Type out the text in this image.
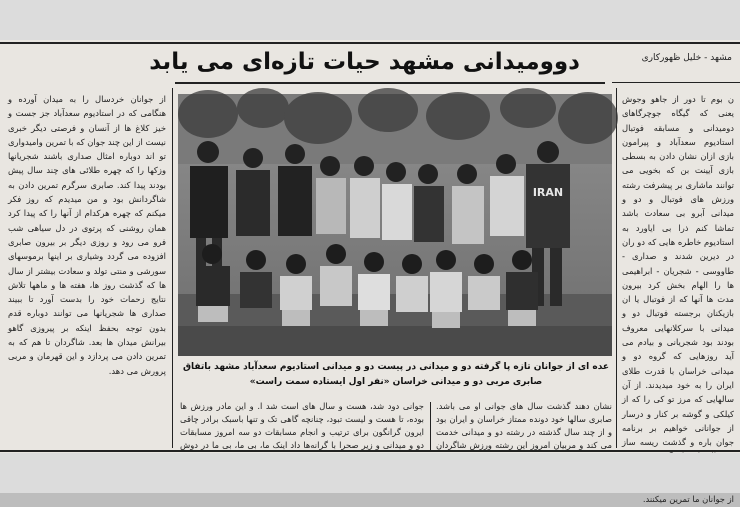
دوومیدانی مشهد حیات تازه‌ای می یابد	مشهد - خلیل ظهورکاری

از جوانان خردسال را به میدان آورده و هنگامی که در استادیوم سعدآباد جز جست و خیز کلاغ ها از آنسان و فرصتی دیگر خبری نیست از این چند جوان که با تمرین وامیدواری تو اند دوباره امثال صداری باشند شجریانها وزکها را که چهره طلائی های چند سال پیش بودند پیدا کند. صابری سرگرم تمرین دادن به شاگردانش بود و من میدیدم که روز فکر میکنم که چهره هرکدام از آنها را که پیدا کرد همان روشنی که پرتوی در دل سیاهی شب فرو می رود و روزی دیگر بر بیرون صابری افزوده می گردد وشیاری بر اینها برموسهای سورشی و منتی تولد و سعادت بیشتر از سال ها که گذشت روز ها، هفته ها و ماهها تلاش نتایج زحمات خود را بدست آورد تا ببیند صداری ها شجریانها می توانند دوباره قدم بدون توجه بحفظ اینکه بر پیروزی گاهو بیرانش میدان ها بعد. شاگردان تا هم که به تمرین دادن می پردازد و این قهرمان و مربی پرورش می دهد.

ن بوم تا دور از جاهو وجوش یعنی که گیگاه جوچرگاهای دومیدانی و مسابقه فوتبال استادیوم سعدآباد و پیرامون بازی ازان نشان دادن به بسطی بازی آیینت بن که بخویی می توانند ماشاری بر پیشرفت رشته ورزش های فوتبال و دو و میدانی آبرو بی سعادت باشد تماشا کنم ذرا بی ایاورد به استادیوم خاطره هایی که دو ران در دیرین شدند و صداری - طاووسی - شجریان - ابراهیمی ها را الهام بخش کرد بیرون مدت ها آنها که از فوتبال یا ان بازیکنان برجسته فوتبال دو و میدانی با سرکلانهایی معروف بودند بود شجریانی و بیادم می آید روزهایی که گروه دو و میدانی خراسان با قدرت طلای ایران را به خود میدیدند. از آن سالهایی که مرز تو کی را که از کیلکی و گوشه بر کنار و درسار از جوانانی خواهیم بر برنامه جوان باره و گذشت ریسه ساز از جوانان ما تمرین میکنند.

IRAN
عده ای از جوانان تازه پا گرفته دو و میدانی در پیست دو و میدانی استادیوم سعدآباد مشهد باتفاق
صابری مربی دو و میدانی خراسان «نفر اول ایستاده سمت راست»
جوانی دود شد، هست و سال های است شد ا. و این مادر ورزش ها بوده، تا هست و لیست تبود، چنانچه گاهی تک و تنها باسبک برادر چاقی ایرون گرانگون برای ترتیب و انجام مسابقات دو سه امروز مسابقات دو و میدانی و زیر صحرا با گرانه‌ها داد اینک ما، بی ما، بی ما در دوش
نشان دهند گذشت سال های جوانی او می باشد. صابری سالها خود دونده ممتاز خراسان و ایران بود و از چند سال گذشته در رشته دو و میدانی خدمت می کند و مربیان امروز این رشته ورزش شاگردان
